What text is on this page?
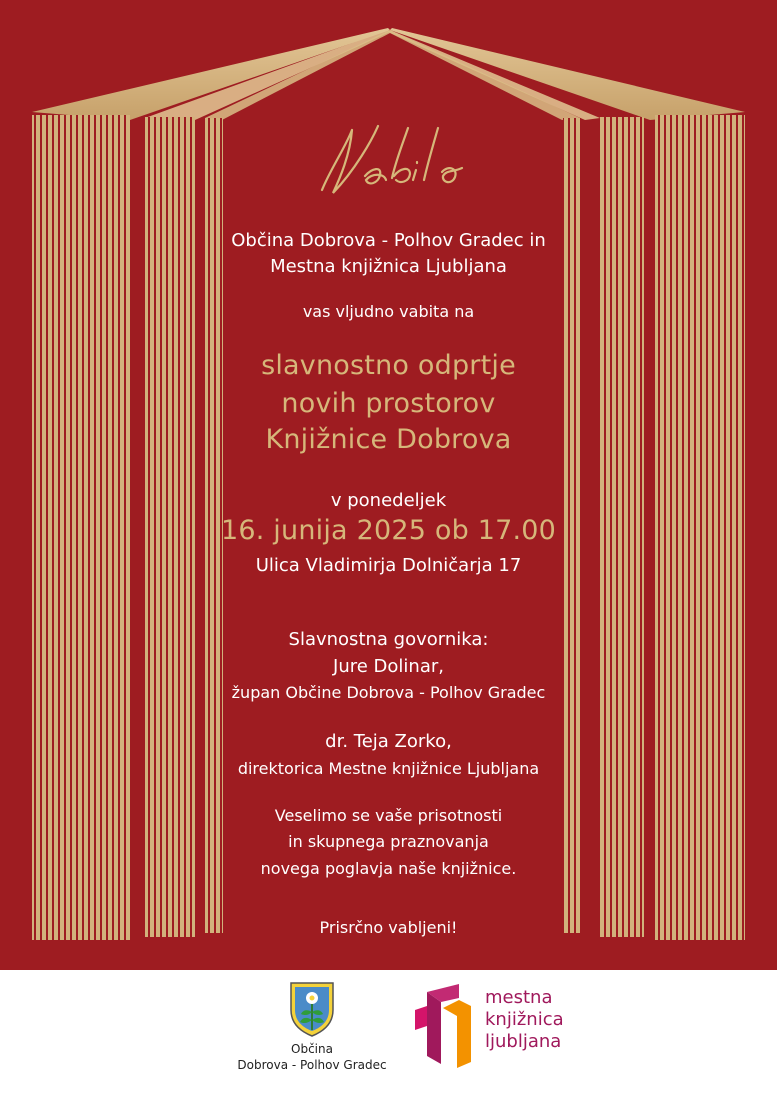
Občina Dobrova - Polhov Gradec in
Mestna knjižnica Ljubljana
vas vljudno vabita na
slavnostno odprtje
novih prostorov
Knjižnice Dobrova
v ponedeljek
16. junija 2025 ob 17.00
Ulica Vladimirja Dolničarja 17
Slavnostna govornika:
Jure Dolinar,
župan Občine Dobrova - Polhov Gradec
dr. Teja Zorko,
direktorica Mestne knjižnice Ljubljana
Veselimo se vaše prisotnosti
in skupnega praznovanja
novega poglavja naše knjižnice.
Prisrčno vabljeni!
Občina
Dobrova - Polhov Gradec
mestna
knjižnica
ljubljana
